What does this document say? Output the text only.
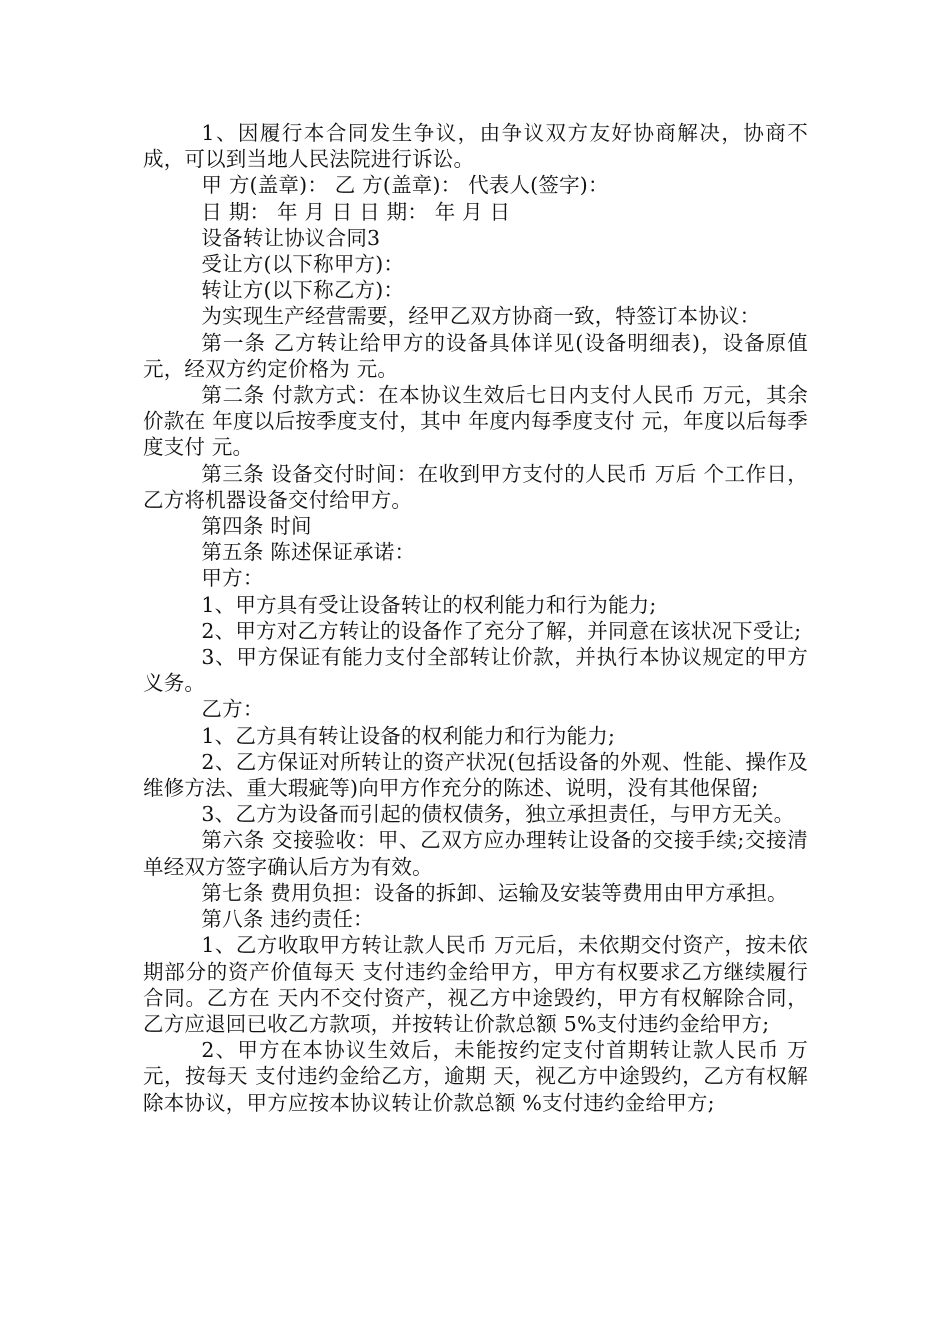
1、因履行本合同发生争议，由争议双方友好协商解决，协商不成，可以到当地人民法院进行诉讼。

甲 方(盖章)： 乙 方(盖章)： 代表人(签字)：

日 期： 年 月 日 日 期： 年 月 日

设备转让协议合同3

受让方(以下称甲方)：

转让方(以下称乙方)：

为实现生产经营需要，经甲乙双方协商一致，特签订本协议：

第一条 乙方转让给甲方的设备具体详见(设备明细表)，设备原值 元，经双方约定价格为 元。

第二条 付款方式：在本协议生效后七日内支付人民币 万元，其余价款在 年度以后按季度支付，其中 年度内每季度支付 元，年度以后每季度支付 元。

第三条 设备交付时间：在收到甲方支付的人民币 万后 个工作日，乙方将机器设备交付给甲方。

第四条 时间

第五条 陈述保证承诺：

甲方：

1、甲方具有受让设备转让的权利能力和行为能力;

2、甲方对乙方转让的设备作了充分了解，并同意在该状况下受让;

3、甲方保证有能力支付全部转让价款，并执行本协议规定的甲方义务。

乙方：

1、乙方具有转让设备的权利能力和行为能力;

2、乙方保证对所转让的资产状况(包括设备的外观、性能、操作及维修方法、重大瑕疵等)向甲方作充分的陈述、说明，没有其他保留;

3、乙方为设备而引起的债权债务，独立承担责任，与甲方无关。

第六条 交接验收：甲、乙双方应办理转让设备的交接手续;交接清单经双方签字确认后方为有效。

第七条 费用负担：设备的拆卸、运输及安装等费用由甲方承担。

第八条 违约责任：

1、乙方收取甲方转让款人民币 万元后，未依期交付资产，按未依期部分的资产价值每天 支付违约金给甲方，甲方有权要求乙方继续履行合同。乙方在 天内不交付资产，视乙方中途毁约，甲方有权解除合同，乙方应退回已收乙方款项，并按转让价款总额 5%支付违约金给甲方;

2、甲方在本协议生效后，未能按约定支付首期转让款人民币 万元，按每天 支付违约金给乙方，逾期 天，视乙方中途毁约，乙方有权解除本协议，甲方应按本协议转让价款总额 %支付违约金给甲方;
